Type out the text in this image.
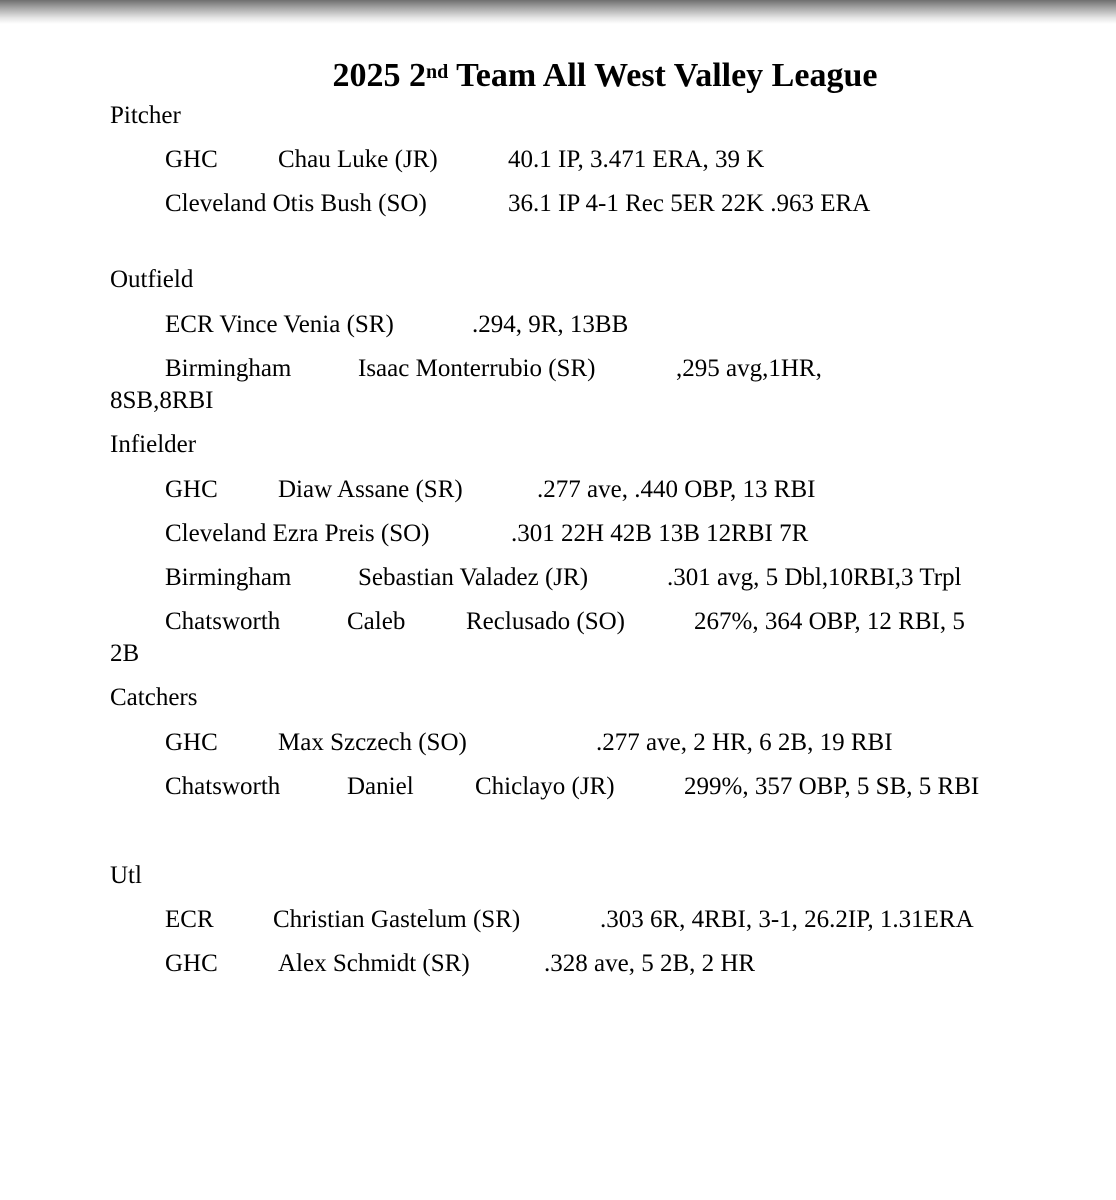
2025 2nd Team All West Valley League
Pitcher
GHC Chau Luke (JR)	40.1 IP, 3.471 ERA, 39 K
Cleveland Otis Bush (SO)	36.1 IP 4-1 Rec 5ER 22K .963 ERA
Outfield
ECR Vince Venia (SR)	.294, 9R, 13BB
Birmingham	Isaac Monterrubio (SR)	,295 avg,1HR,
8SB,8RBI
Infielder
GHC Diaw Assane (SR)	.277 ave, .440 OBP, 13 RBI
Cleveland Ezra Preis (SO)	.301 22H 42B 13B 12RBI 7R
Birmingham	Sebastian Valadez (JR)	.301 avg, 5 Dbl,10RBI,3 Trpl
Chatsworth	Caleb Reclusado (SO)	267%, 364 OBP, 12 RBI, 5
2B
Catchers
GHC Max Szczech (SO)	.277 ave, 2 HR, 6 2B, 19 RBI
Chatsworth	Daniel Chiclayo (JR)	299%, 357 OBP, 5 SB, 5 RBI
Utl
ECR Christian Gastelum (SR)	.303 6R, 4RBI, 3-1, 26.2IP, 1.31ERA
GHC Alex Schmidt (SR)	.328 ave, 5 2B, 2 HR
